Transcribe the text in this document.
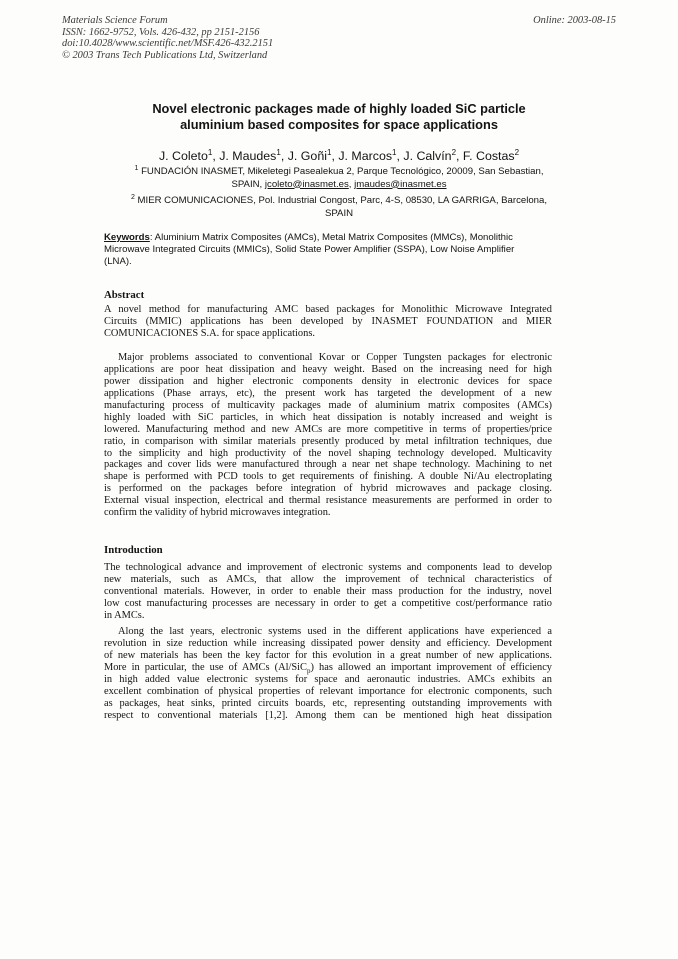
Materials Science Forum
ISSN: 1662-9752, Vols. 426-432, pp 2151-2156
doi:10.4028/www.scientific.net/MSF.426-432.2151
© 2003 Trans Tech Publications Ltd, Switzerland
Online: 2003-08-15
Novel electronic packages made of highly loaded SiC particle
aluminium based composites for space applications
J. Coleto$^1$, J. Maudes$^1$, J. Goñi$^1$, J. Marcos$^1$, J. Calvín$^2$, F. Costas$^2$
$^1$ FUNDACIÓN INASMET, Mikeletegi Pasealekua 2, Parque Tecnológico, 20009, San Sebastian,
SPAIN, jcoleto@inasmet.es, jmaudes@inasmet.es
$^2$ MIER COMUNICACIONES, Pol. Industrial Congost, Parc, 4-S, 08530, LA GARRIGA, Barcelona,
SPAIN
Keywords: Aluminium Matrix Composites (AMCs), Metal Matrix Composites (MMCs), Monolithic
Microwave Integrated Circuits (MMICs), Solid State Power Amplifier (SSPA), Low Noise Amplifier
(LNA).
Abstract
A novel method for manufacturing AMC based packages for Monolithic Microwave Integrated
Circuits (MMIC) applications has been developed by INASMET FOUNDATION and MIER
COMUNICACIONES S.A. for space applications.
Major problems associated to conventional Kovar or Copper Tungsten packages for electronic
applications are poor heat dissipation and heavy weight. Based on the increasing need for high
power dissipation and higher electronic components density in electronic devices for space
applications (Phase arrays, etc), the present work has targeted the development of a new
manufacturing process of multicavity packages made of aluminium matrix composites (AMCs)
highly loaded with SiC particles, in which heat dissipation is notably increased and weight is
lowered. Manufacturing method and new AMCs are more competitive in terms of properties/price
ratio, in comparison with similar materials presently produced by metal infiltration techniques, due
to the simplicity and high productivity of the novel shaping technology developed. Multicavity
packages and cover lids were manufactured through a near net shape technology. Machining to net
shape is performed with PCD tools to get requirements of finishing. A double Ni/Au electroplating
is performed on the packages before integration of hybrid microwaves and package closing.
External visual inspection, electrical and thermal resistance measurements are performed in order to
confirm the validity of hybrid microwaves integration.
Introduction
The technological advance and improvement of electronic systems and components lead to develop
new materials, such as AMCs, that allow the improvement of technical characteristics of
conventional materials. However, in order to enable their mass production for the industry, novel
low cost manufacturing processes are necessary in order to get a competitive cost/performance ratio
in AMCs.
Along the last years, electronic systems used in the different applications have experienced a
revolution in size reduction while increasing dissipated power density and efficiency. Development
of new materials has been the key factor for this evolution in a great number of new applications.
More in particular, the use of AMCs (Al/SiC$_p$) has allowed an important improvement of efficiency
in high added value electronic systems for space and aeronautic industries. AMCs exhibits an
excellent combination of physical properties of relevant importance for electronic components, such
as packages, heat sinks, printed circuits boards, etc, representing outstanding improvements with
respect to conventional materials [1,2]. Among them can be mentioned high heat dissipation
